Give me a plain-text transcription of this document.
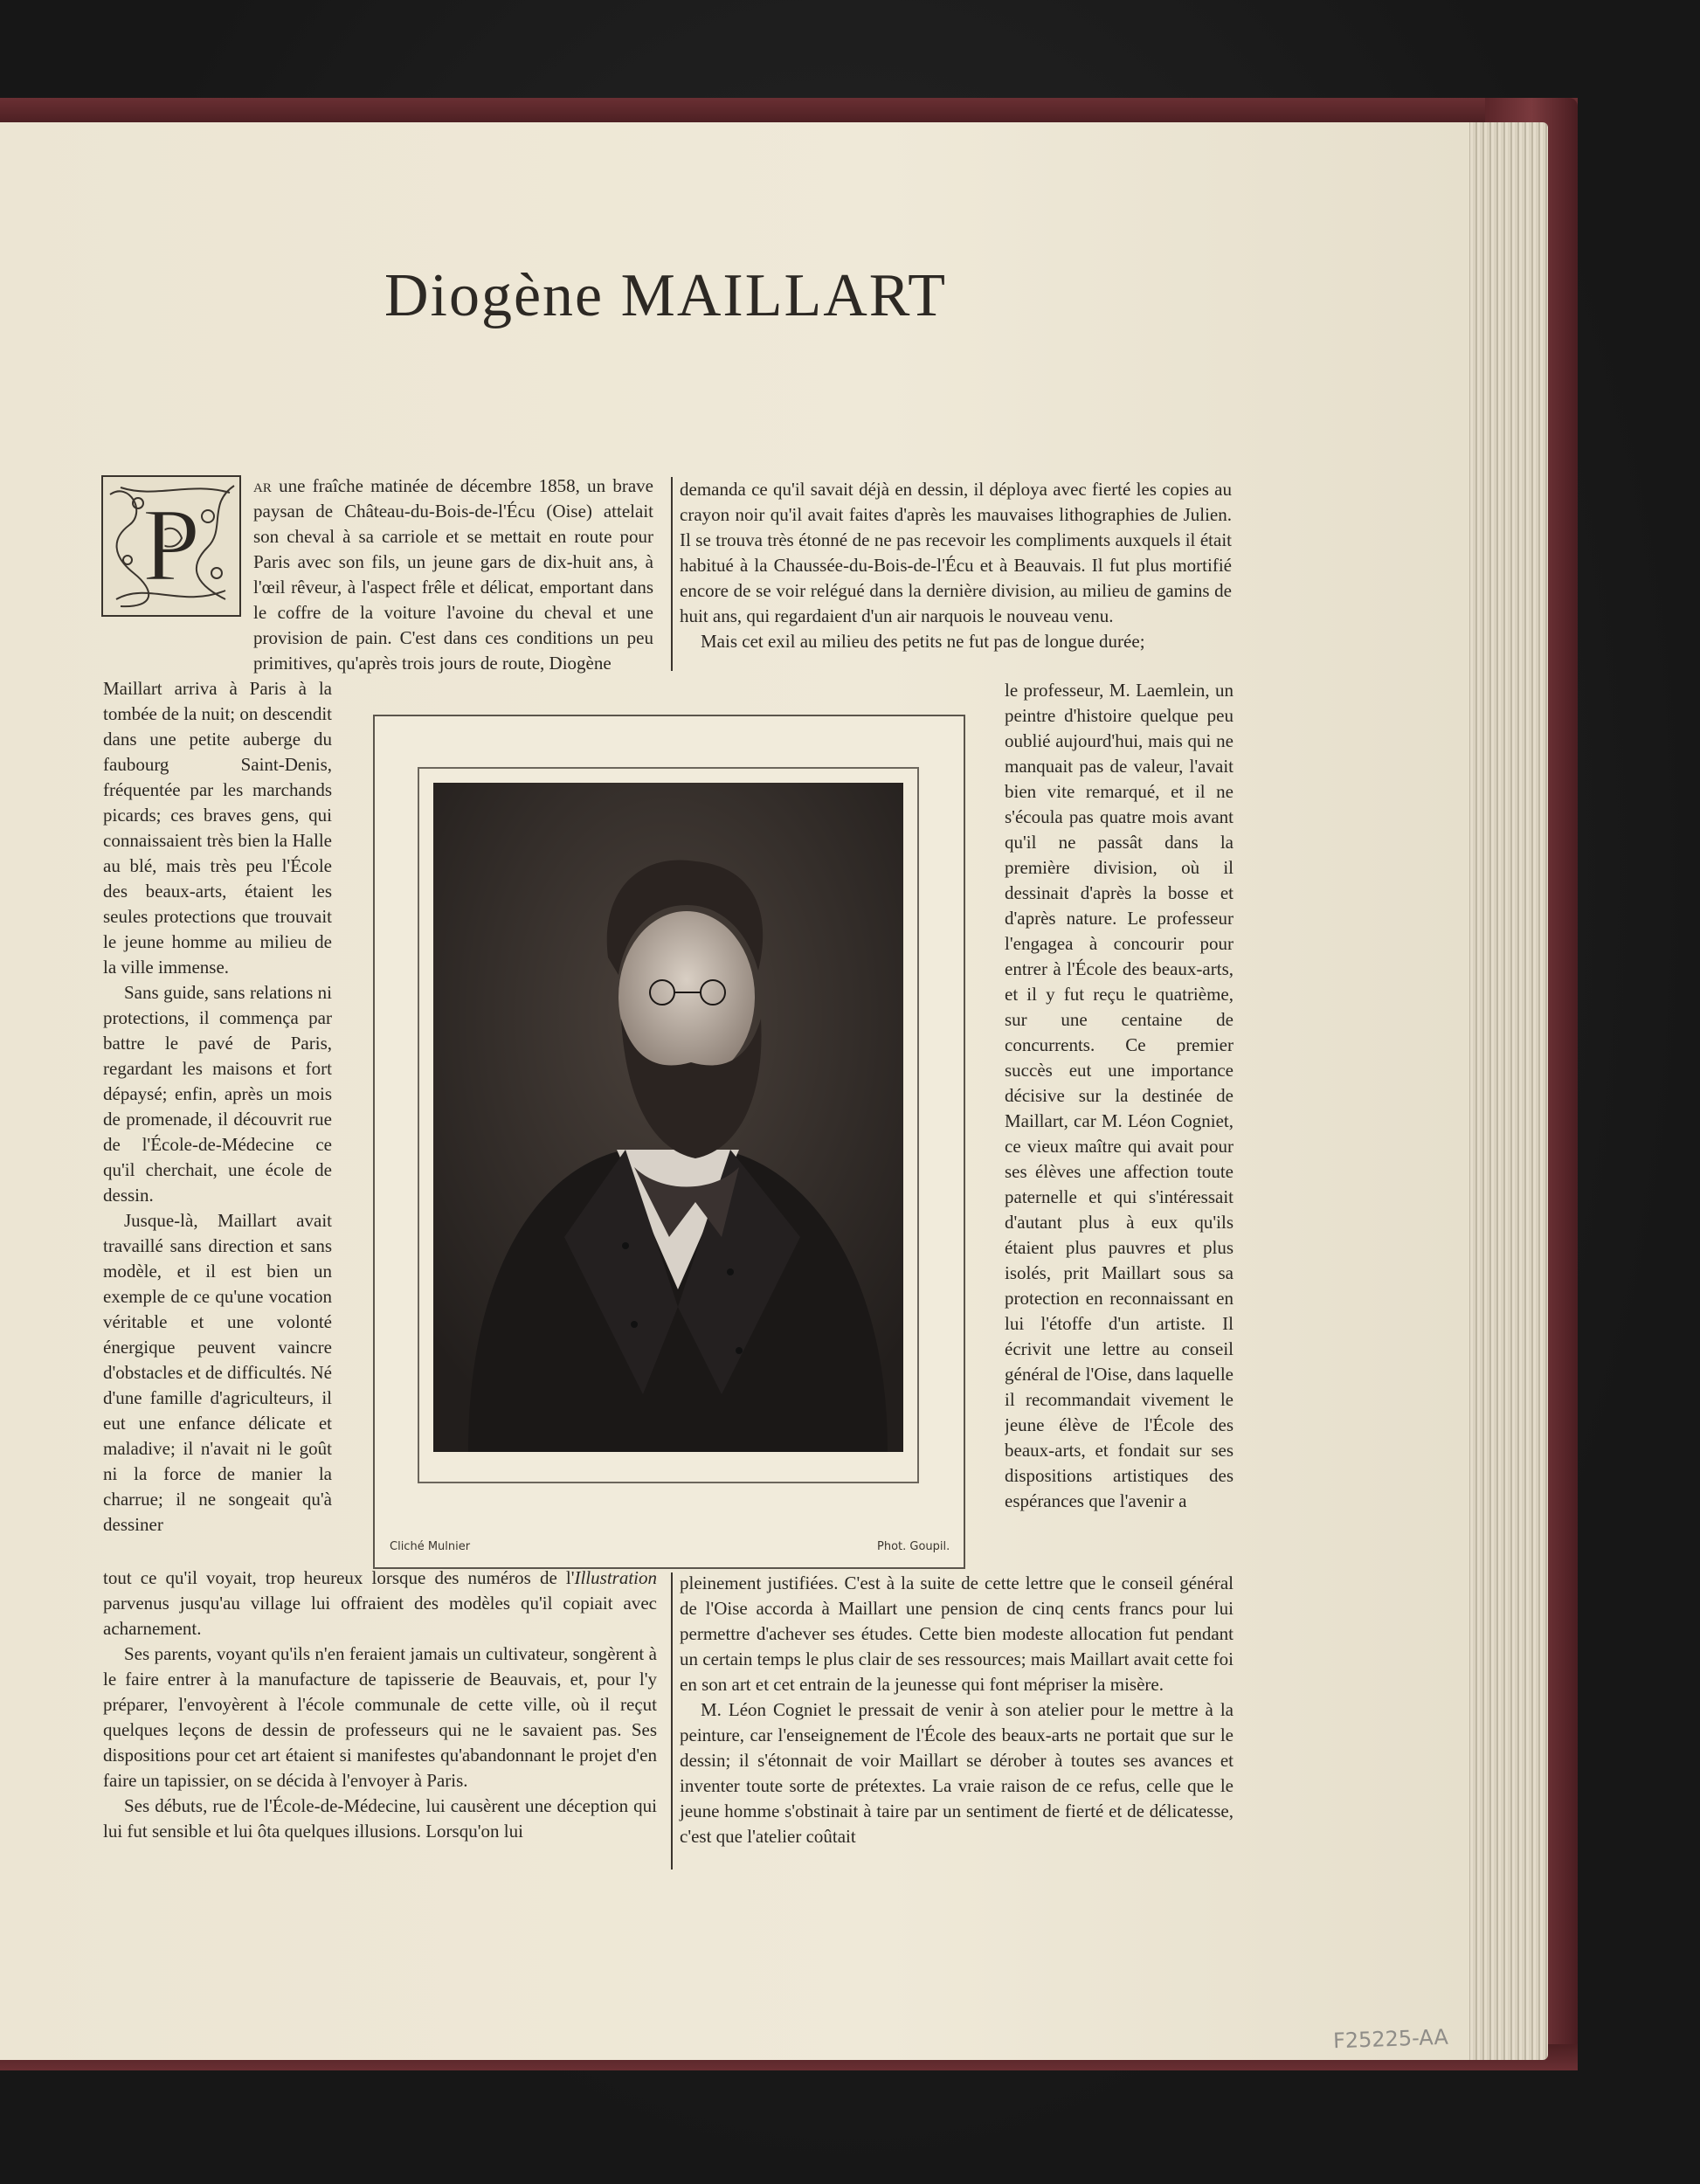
Diogène MAILLART
P

ar une fraîche matinée de décembre 1858, un brave paysan de Château-du-Bois-de-l'Écu (Oise) attelait son cheval à sa carriole et se mettait en route pour Paris avec son fils, un jeune gars de dix-huit ans, à l'œil rêveur, à l'aspect frêle et délicat, emportant dans le coffre de la voiture l'avoine du cheval et une provision de pain. C'est dans ces conditions un peu primitives, qu'après trois jours de route, Diogène

Maillart arriva à Paris à la tombée de la nuit; on descendit dans une petite auberge du faubourg Saint-Denis, fréquentée par les marchands picards; ces braves gens, qui connaissaient très bien la Halle au blé, mais très peu l'École des beaux-arts, étaient les seules protections que trouvait le jeune homme au milieu de la ville immense.

Sans guide, sans relations ni protections, il commença par battre le pavé de Paris, regardant les maisons et fort dépaysé; enfin, après un mois de promenade, il découvrit rue de l'École-de-Médecine ce qu'il cherchait, une école de dessin.

Jusque-là, Maillart avait travaillé sans direction et sans modèle, et il est bien un exemple de ce qu'une vocation véritable et une volonté énergique peuvent vaincre d'obstacles et de difficultés. Né d'une famille d'agriculteurs, il eut une enfance délicate et maladive; il n'avait ni le goût ni la force de manier la charrue; il ne songeait qu'à dessiner

demanda ce qu'il savait déjà en dessin, il déploya avec fierté les copies au crayon noir qu'il avait faites d'après les mauvaises lithographies de Julien. Il se trouva très étonné de ne pas recevoir les compliments auxquels il était habitué à la Chaussée-du-Bois-de-l'Écu et à Beauvais. Il fut plus mortifié encore de se voir relégué dans la dernière division, au milieu de gamins de huit ans, qui regardaient d'un air narquois le nouveau venu.

Mais cet exil au milieu des petits ne fut pas de longue durée;

le professeur, M. Laemlein, un peintre d'histoire quelque peu oublié aujourd'hui, mais qui ne manquait pas de valeur, l'avait bien vite remarqué, et il ne s'écoula pas quatre mois avant qu'il ne passât dans la première division, où il dessinait d'après la bosse et d'après nature. Le professeur l'engagea à concourir pour entrer à l'École des beaux-arts, et il y fut reçu le quatrième, sur une centaine de concurrents. Ce premier succès eut une importance décisive sur la destinée de Maillart, car M. Léon Cogniet, ce vieux maître qui avait pour ses élèves une affection toute paternelle et qui s'intéressait d'autant plus à eux qu'ils étaient plus pauvres et plus isolés, prit Maillart sous sa protection en reconnaissant en lui l'étoffe d'un artiste. Il écrivit une lettre au conseil général de l'Oise, dans laquelle il recommandait vivement le jeune élève de l'École des beaux-arts, et fondait sur ses dispositions artistiques des espérances que l'avenir a

Cliché Mulnier	Phot. Goupil.

tout ce qu'il voyait, trop heureux lorsque des numéros de l'Illustration parvenus jusqu'au village lui offraient des modèles qu'il copiait avec acharnement.

Ses parents, voyant qu'ils n'en feraient jamais un cultivateur, songèrent à le faire entrer à la manufacture de tapisserie de Beauvais, et, pour l'y préparer, l'envoyèrent à l'école communale de cette ville, où il reçut quelques leçons de dessin de professeurs qui ne le savaient pas. Ses dispositions pour cet art étaient si manifestes qu'abandonnant le projet d'en faire un tapissier, on se décida à l'envoyer à Paris.

Ses débuts, rue de l'École-de-Médecine, lui causèrent une déception qui lui fut sensible et lui ôta quelques illusions. Lorsqu'on lui

pleinement justifiées. C'est à la suite de cette lettre que le conseil général de l'Oise accorda à Maillart une pension de cinq cents francs pour lui permettre d'achever ses études. Cette bien modeste allocation fut pendant un certain temps le plus clair de ses ressources; mais Maillart avait cette foi en son art et cet entrain de la jeunesse qui font mépriser la misère.

M. Léon Cogniet le pressait de venir à son atelier pour le mettre à la peinture, car l'enseignement de l'École des beaux-arts ne portait que sur le dessin; il s'étonnait de voir Maillart se dérober à toutes ses avances et inventer toute sorte de prétextes. La vraie raison de ce refus, celle que le jeune homme s'obstinait à taire par un sentiment de fierté et de délicatesse, c'est que l'atelier coûtait

F25225-AA
